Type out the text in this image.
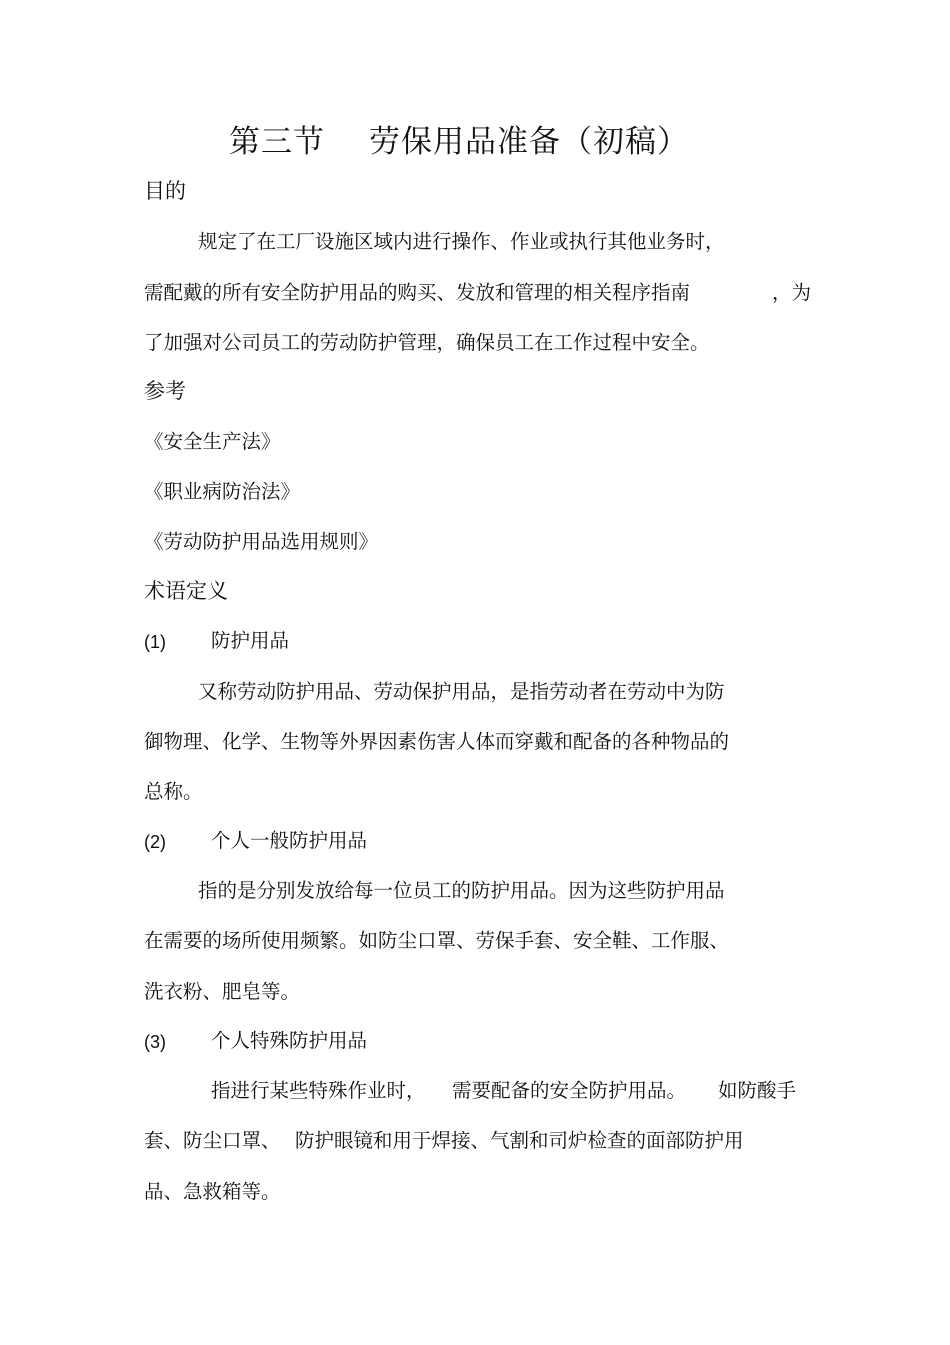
第三节 劳保用品准备（初稿）
目的
规定了在工厂设施区域内进行操作、作业或执行其他业务时，
需配戴的所有安全防护用品的购买、发放和管理的相关程序指南	，为
了加强对公司员工的劳动防护管理，确保员工在工作过程中安全。
参考
《安全生产法》
《职业病防治法》
《劳动防护用品选用规则》
术语定义
(1) 防护用品
又称劳动防护用品、劳动保护用品，是指劳动者在劳动中为防
御物理、化学、生物等外界因素伤害人体而穿戴和配备的各种物品的
总称。
(2) 个人一般防护用品
指的是分别发放给每一位员工的防护用品。因为这些防护用品
在需要的场所使用频繁。如防尘口罩、劳保手套、安全鞋、工作服、
洗衣粉、肥皂等。
(3) 个人特殊防护用品
指进行某些特殊作业时， 需要配备的安全防护用品。 如防酸手
套、防尘口罩、 防护眼镜和用于焊接、气割和司炉检查的面部防护用
品、急救箱等。
